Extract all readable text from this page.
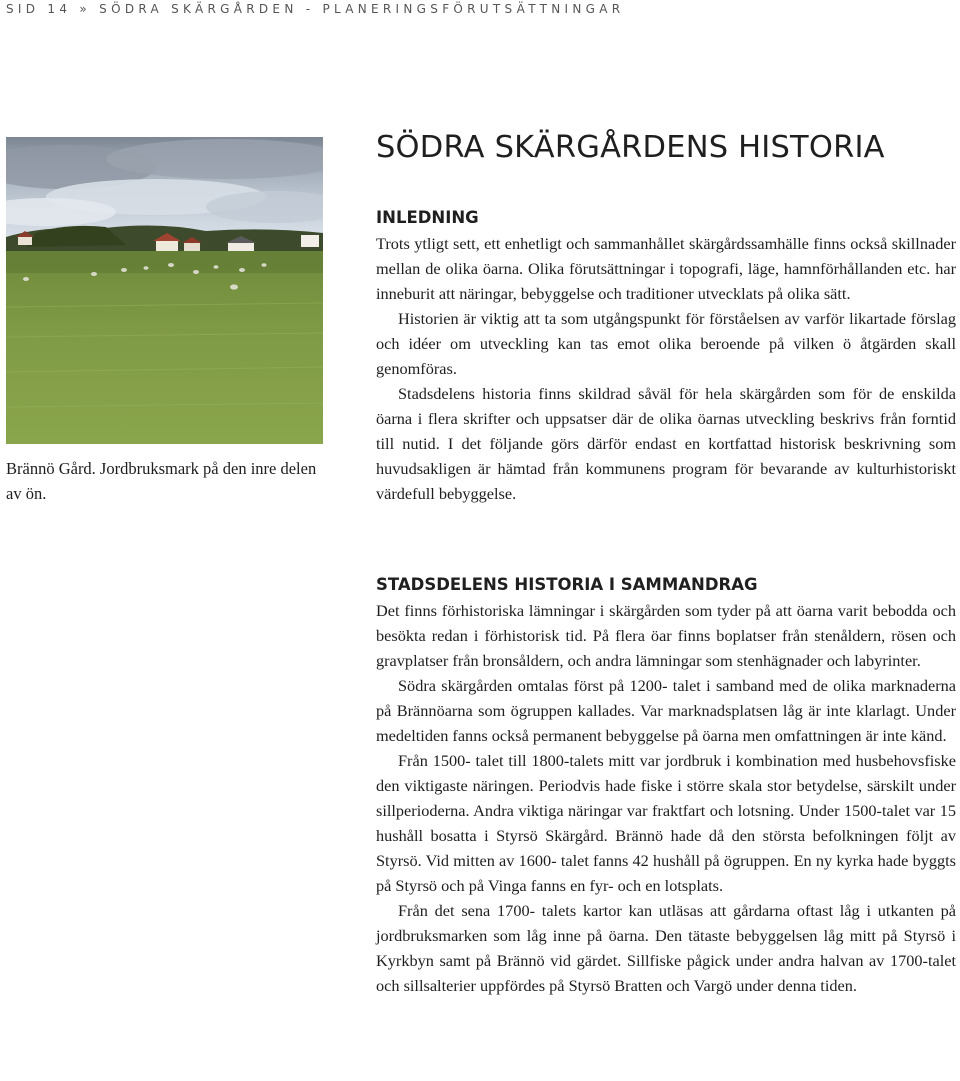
SID 14 » SÖDRA SKÄRGÅRDEN - PLANERINGSFÖRUTSÄTTNINGAR
Brännö Gård. Jordbruksmark på den inre delen av ön.
SÖDRA SKÄRGÅRDENS HISTORIA
INLEDNING

Trots ytligt sett, ett enhetligt och sammanhållet skärgårdssamhälle finns också skillnader mellan de olika öarna. Olika förutsättningar i topografi, läge, hamnförhållanden etc. har inneburit att näringar, bebyggelse och traditioner utvecklats på olika sätt.

Historien är viktig att ta som utgångspunkt för förståelsen av varför likartade förslag och idéer om utveckling kan tas emot olika beroende på vilken ö åtgärden skall genomföras.

Stadsdelens historia finns skildrad såväl för hela skärgården som för de enskilda öarna i flera skrifter och uppsatser där de olika öarnas utveckling beskrivs från forntid till nutid. I det följande görs därför endast en kortfattad historisk beskrivning som huvudsakligen är hämtad från kommunens program för bevarande av kulturhistoriskt värdefull bebyggelse.

STADSDELENS HISTORIA I SAMMANDRAG

Det finns förhistoriska lämningar i skärgården som tyder på att öarna varit bebodda och besökta redan i förhistorisk tid. På flera öar finns boplatser från stenåldern, rösen och gravplatser från bronsåldern, och andra lämningar som stenhägnader och labyrinter.

Södra skärgården omtalas först på 1200- talet i samband med de olika marknaderna på Brännöarna som ögruppen kallades. Var marknadsplatsen låg är inte klarlagt. Under medeltiden fanns också permanent bebyggelse på öarna men omfattningen är inte känd.

Från 1500- talet till 1800-talets mitt var jordbruk i kombination med husbehovsfiske den viktigaste näringen. Periodvis hade fiske i större skala stor betydelse, särskilt under sillperioderna. Andra viktiga näringar var fraktfart och lotsning. Under 1500-talet var 15 hushåll bosatta i Styrsö Skärgård. Brännö hade då den största befolkningen följt av Styrsö. Vid mitten av 1600- talet fanns 42 hushåll på ögruppen. En ny kyrka hade byggts på Styrsö och på Vinga fanns en fyr- och en lotsplats.

Från det sena 1700- talets kartor kan utläsas att gårdarna oftast låg i utkanten på jordbruksmarken som låg inne på öarna. Den tätaste bebyggelsen låg mitt på Styrsö i Kyrkbyn samt på Brännö vid gärdet. Sillfiske pågick under andra halvan av 1700-talet och sillsalterier uppfördes på Styrsö Bratten och Vargö under denna tiden.
